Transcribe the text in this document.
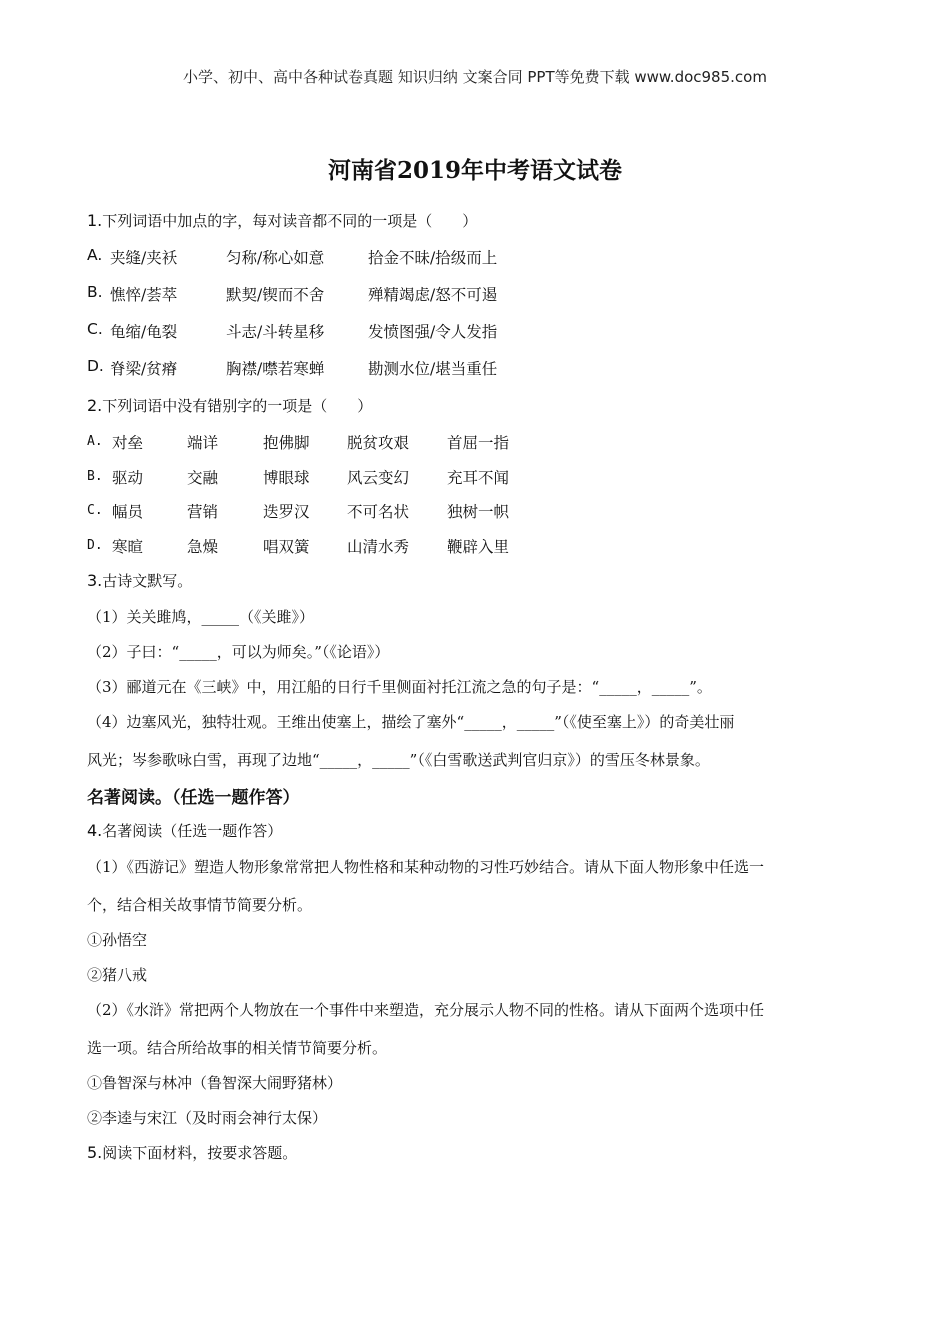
小学、初中、高中各种试卷真题 知识归纳 文案合同 PPT等免费下载 www.doc985.com
河南省2019年中考语文试卷
1.下列词语中加点的字，每对读音都不同的一项是（　　）
A. 夹缝/夹袄	匀称/称心如意	拾金不昧/拾级而上
B. 憔悴/荟萃	默契/锲而不舍	殚精竭虑/怒不可遏
C. 龟缩/龟裂	斗志/斗转星移	发愤图强/令人发指
D. 脊梁/贫瘠	胸襟/噤若寒蝉	勘测水位/堪当重任
2.下列词语中没有错别字的一项是（　　）
A. 对垒	端详	抱佛脚 脱贫攻艰 首屈一指
B. 驱动	交融	博眼球 风云变幻 充耳不闻
C. 幅员	营销	迭罗汉 不可名状 独树一帜
D. 寒暄	急燥	唱双簧 山清水秀 鞭辟入里
3.古诗文默写。
（1）关关雎鸠，_____（《关雎》）
（2）子曰：“_____，可以为师矣。”（《论语》）
（3）郦道元在《三峡》中，用江船的日行千里侧面衬托江流之急的句子是：“_____，_____”。
（4）边塞风光，独特壮观。王维出使塞上，描绘了塞外“_____，_____”（《使至塞上》）的奇美壮丽
风光；岑参歌咏白雪，再现了边地“_____，_____”（《白雪歌送武判官归京》）的雪压冬林景象。
名著阅读。（任选一题作答）
4.名著阅读（任选一题作答）
（1）《西游记》塑造人物形象常常把人物性格和某种动物的习性巧妙结合。请从下面人物形象中任选一
个，结合相关故事情节简要分析。
①孙悟空
②猪八戒
（2）《水浒》常把两个人物放在一个事件中来塑造，充分展示人物不同的性格。请从下面两个选项中任
选一项。结合所给故事的相关情节简要分析。
①鲁智深与林冲（鲁智深大闹野猪林）
②李逵与宋江（及时雨会神行太保）
5.阅读下面材料，按要求答题。
